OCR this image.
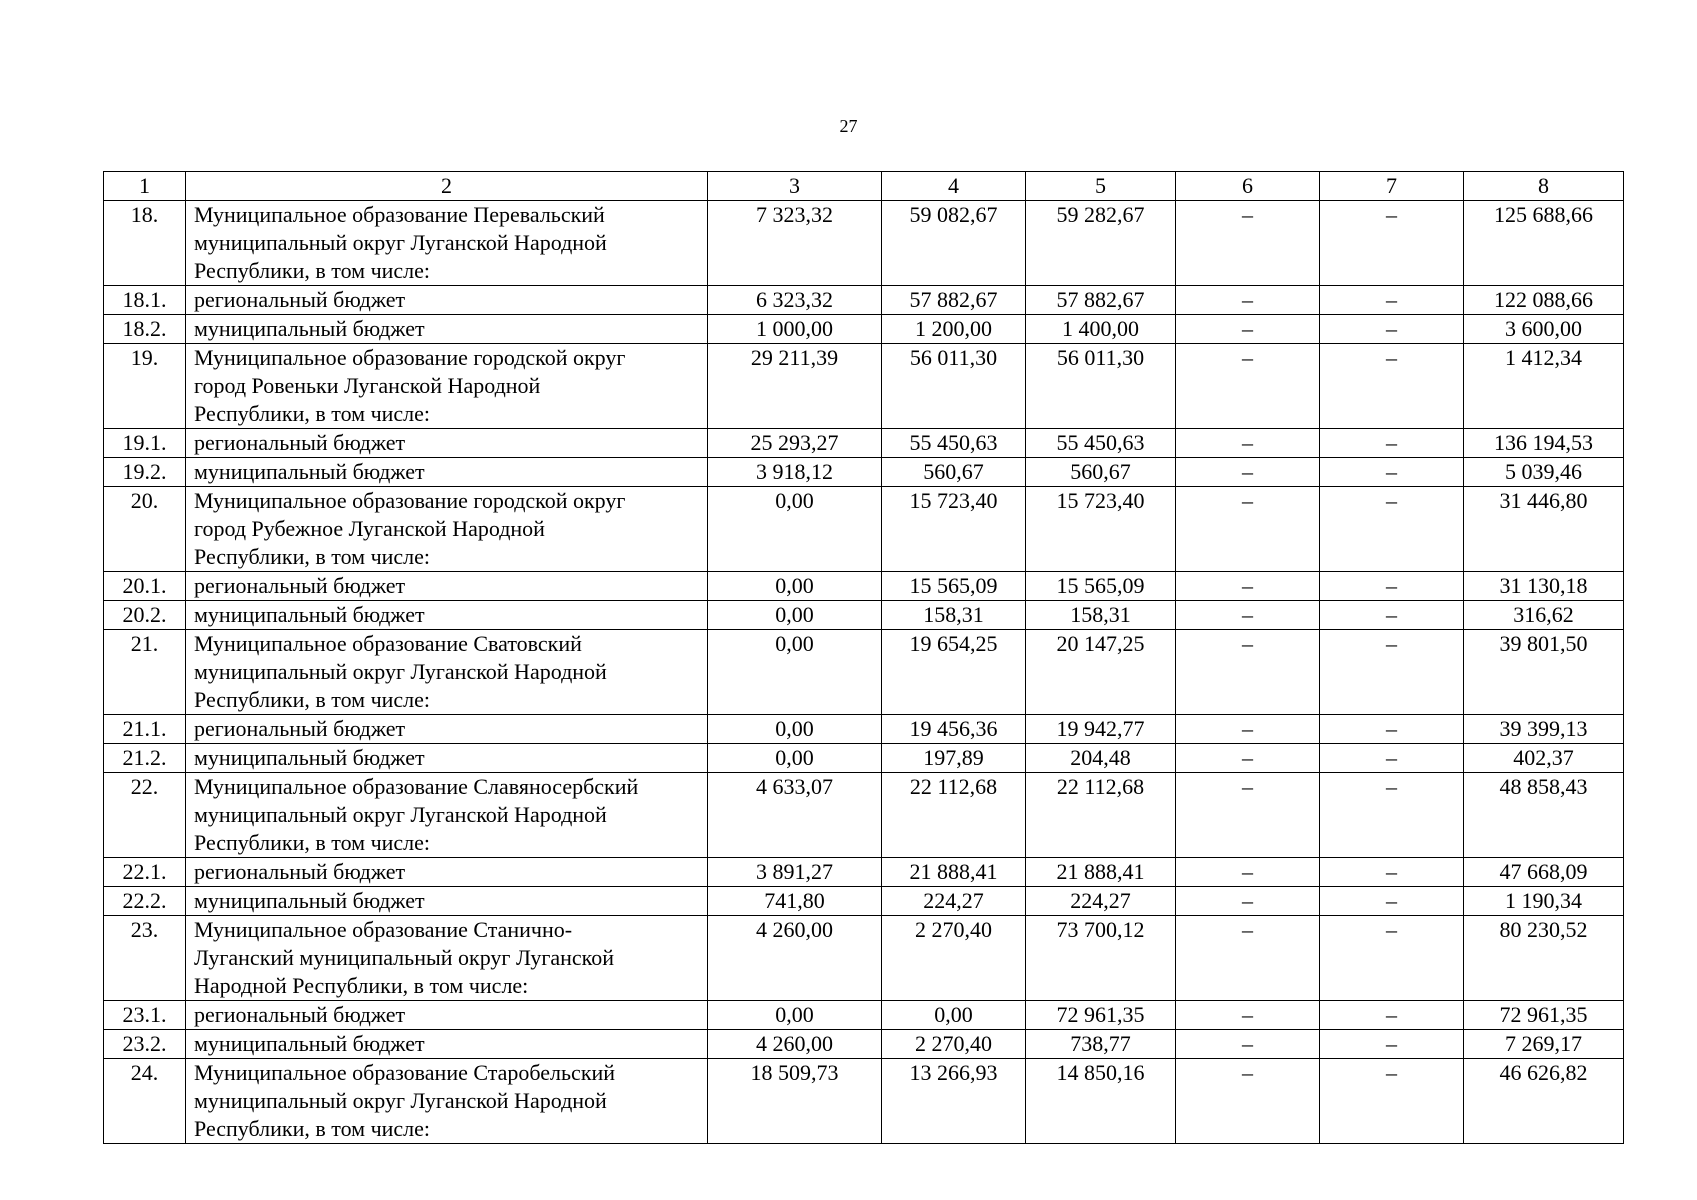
27
1	2	3	4	5	6	7	8
18.	Муниципальное образование Перевальский
муниципальный округ Луганской Народной
Республики, в том числе:	7 323,32	59 082,67	59 282,67	–	–	125 688,66
18.1.	региональный бюджет	6 323,32	57 882,67	57 882,67	–	–	122 088,66
18.2.	муниципальный бюджет	1 000,00	1 200,00	1 400,00	–	–	3 600,00
19.	Муниципальное образование городской округ
город Ровеньки Луганской Народной
Республики, в том числе:	29 211,39	56 011,30	56 011,30	–	–	1 412,34
19.1.	региональный бюджет	25 293,27	55 450,63	55 450,63	–	–	136 194,53
19.2.	муниципальный бюджет	3 918,12	560,67	560,67	–	–	5 039,46
20.	Муниципальное образование городской округ
город Рубежное Луганской Народной
Республики, в том числе:	0,00	15 723,40	15 723,40	–	–	31 446,80
20.1.	региональный бюджет	0,00	15 565,09	15 565,09	–	–	31 130,18
20.2.	муниципальный бюджет	0,00	158,31	158,31	–	–	316,62
21.	Муниципальное образование Сватовский
муниципальный округ Луганской Народной
Республики, в том числе:	0,00	19 654,25	20 147,25	–	–	39 801,50
21.1.	региональный бюджет	0,00	19 456,36	19 942,77	–	–	39 399,13
21.2.	муниципальный бюджет	0,00	197,89	204,48	–	–	402,37
22.	Муниципальное образование Славяносербский
муниципальный округ Луганской Народной
Республики, в том числе:	4 633,07	22 112,68	22 112,68	–	–	48 858,43
22.1.	региональный бюджет	3 891,27	21 888,41	21 888,41	–	–	47 668,09
22.2.	муниципальный бюджет	741,80	224,27	224,27	–	–	1 190,34
23.	Муниципальное образование Станично-
Луганский муниципальный округ Луганской
Народной Республики, в том числе:	4 260,00	2 270,40	73 700,12	–	–	80 230,52
23.1.	региональный бюджет	0,00	0,00	72 961,35	–	–	72 961,35
23.2.	муниципальный бюджет	4 260,00	2 270,40	738,77	–	–	7 269,17
24.	Муниципальное образование Старобельский
муниципальный округ Луганской Народной
Республики, в том числе:	18 509,73	13 266,93	14 850,16	–	–	46 626,82
